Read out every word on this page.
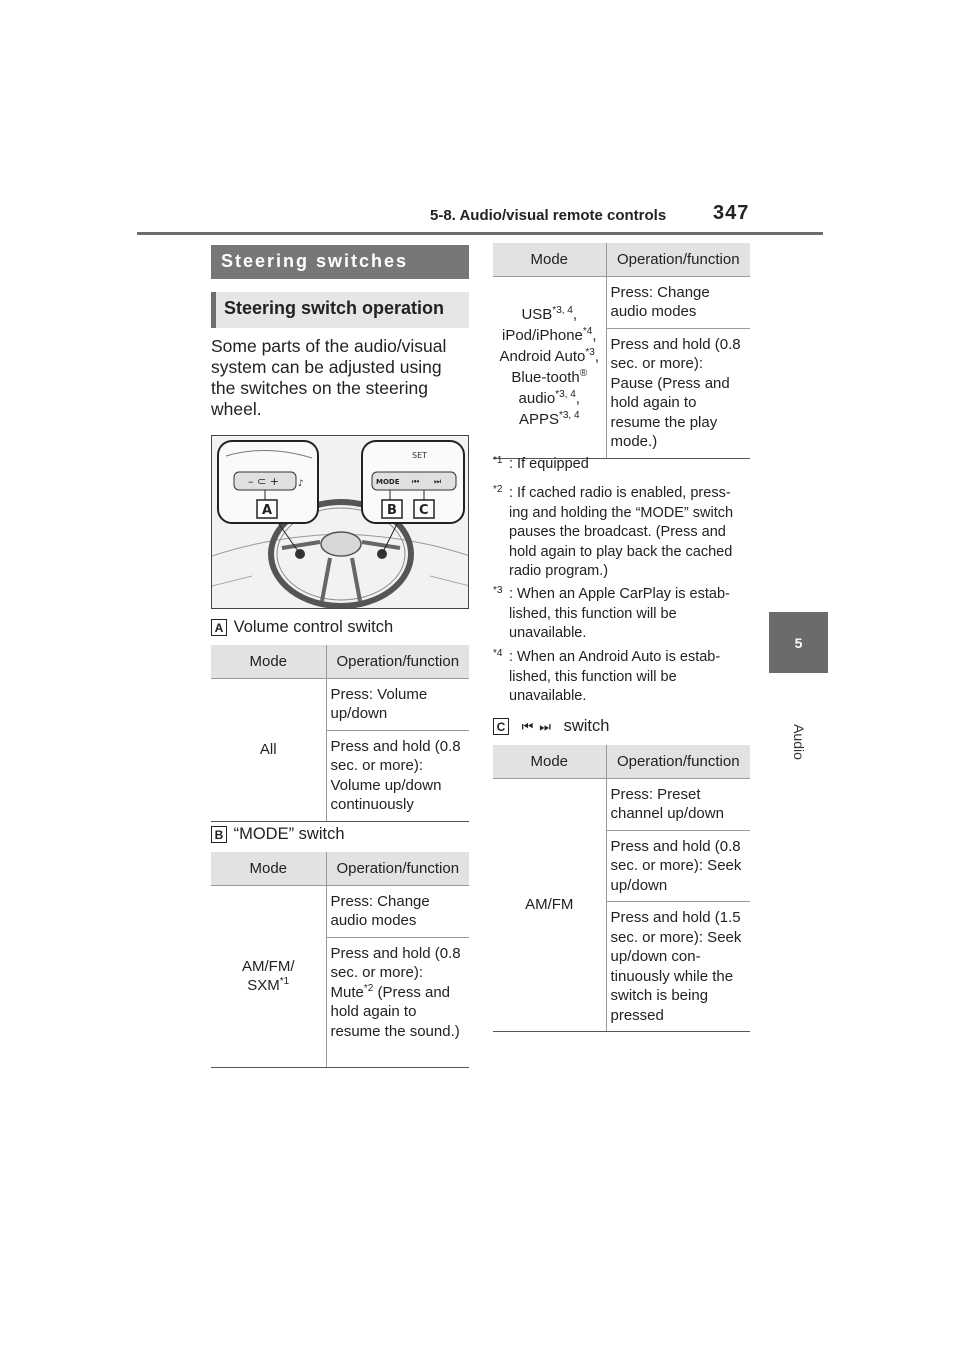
5-8. Audio/visual remote controls 347
5
Audio
Steering switches
Steering switch operation
Some parts of the audio/visual system can be adjusted using the switches on the steering wheel.
– ⊂ + ♪
SET
MODE ⏮ ⏭
A	B C
A Volume control switch
Mode	Operation/function
All	Press: Volume up/down
	Press and hold (0.8 sec. or more): Volume up/down continuously
B “MODE” switch
Mode	Operation/function
AM/FM/
SXM$^{*1}$	Press: Change audio modes
	Press and hold (0.8 sec. or more): Mute$^{*2}$ (Press and hold again to resume the sound.)
Mode	Operation/function
USB$^{*3, 4}$, iPod/iPhone$^{*4}$, Android Auto$^{*3}$, Blue-tooth® audio$^{*3, 4}$, APPS$^{*3, 4}$	Press: Change audio modes
	Press and hold (0.8 sec. or more): Pause (Press and hold again to resume the play mode.)
*1 : If equipped
*2 : If cached radio is enabled, press-ing and holding the “MODE” switch pauses the broadcast. (Press and hold again to play back the cached radio program.)
*3 : When an Apple CarPlay is estab-lished, this function will be unavailable.
*4 : When an Android Auto is estab-lished, this function will be unavailable.
C ⏮ ⏭ switch
Mode	Operation/function
AM/FM	Press: Preset channel up/down
	Press and hold (0.8 sec. or more): Seek up/down
	Press and hold (1.5 sec. or more): Seek up/down con-tinuously while the switch is being pressed
